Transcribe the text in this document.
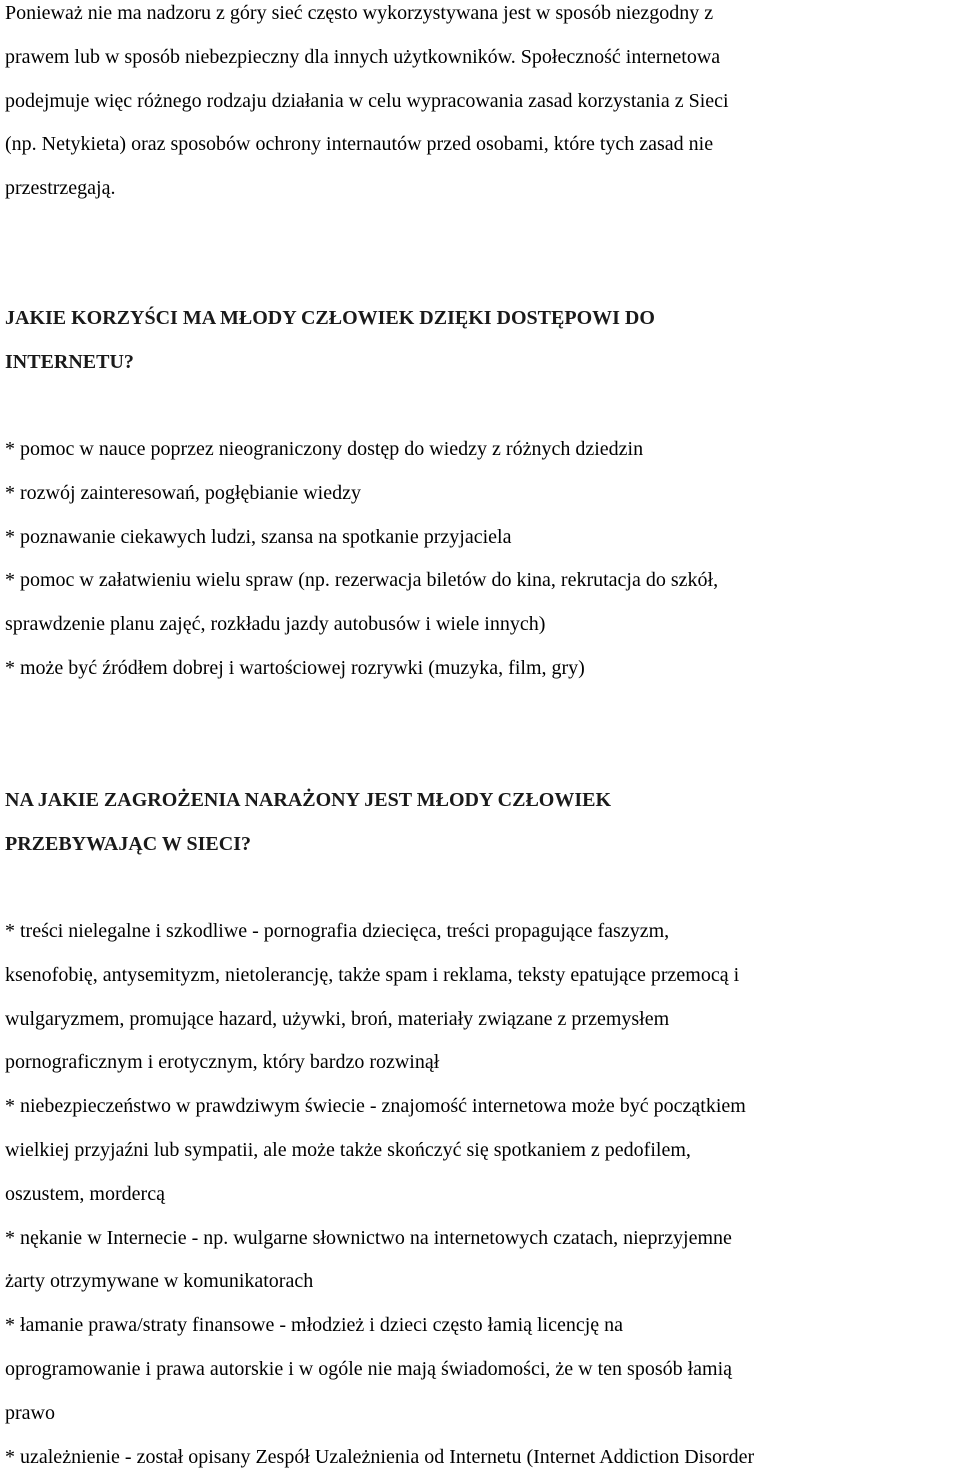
Ponieważ nie ma nadzoru z góry sieć często wykorzystywana jest w sposób niezgodny z
prawem lub w sposób niebezpieczny dla innych użytkowników. Społeczność internetowa
podejmuje więc różnego rodzaju działania w celu wypracowania zasad korzystania z Sieci
(np. Netykieta) oraz sposobów ochrony internautów przed osobami, które tych zasad nie
przestrzegają.

JAKIE KORZYŚCI MA MŁODY CZŁOWIEK DZIĘKI DOSTĘPOWI DO
INTERNETU?

* pomoc w nauce poprzez nieograniczony dostęp do wiedzy z różnych dziedzin
* rozwój zainteresowań, pogłębianie wiedzy
* poznawanie ciekawych ludzi, szansa na spotkanie przyjaciela
* pomoc w załatwieniu wielu spraw (np. rezerwacja biletów do kina, rekrutacja do szkół,
sprawdzenie planu zajęć, rozkładu jazdy autobusów i wiele innych)
* może być źródłem dobrej i wartościowej rozrywki (muzyka, film, gry)

NA JAKIE ZAGROŻENIA NARAŻONY JEST MŁODY CZŁOWIEK
PRZEBYWAJĄC W SIECI?

* treści nielegalne i szkodliwe - pornografia dziecięca, treści propagujące faszyzm,
ksenofobię, antysemityzm, nietolerancję, także spam i reklama, teksty epatujące przemocą i
wulgaryzmem, promujące hazard, używki, broń, materiały związane z przemysłem
pornograficznym i erotycznym, który bardzo rozwinął
* niebezpieczeństwo w prawdziwym świecie - znajomość internetowa może być początkiem
wielkiej przyjaźni lub sympatii, ale może także skończyć się spotkaniem z pedofilem,
oszustem, mordercą
* nękanie w Internecie - np. wulgarne słownictwo na internetowych czatach, nieprzyjemne
żarty otrzymywane w komunikatorach
* łamanie prawa/straty finansowe - młodzież i dzieci często łamią licencję na
oprogramowanie i prawa autorskie i w ogóle nie mają świadomości, że w ten sposób łamią
prawo
* uzależnienie - został opisany Zespół Uzależnienia od Internetu (Internet Addiction Disorder
